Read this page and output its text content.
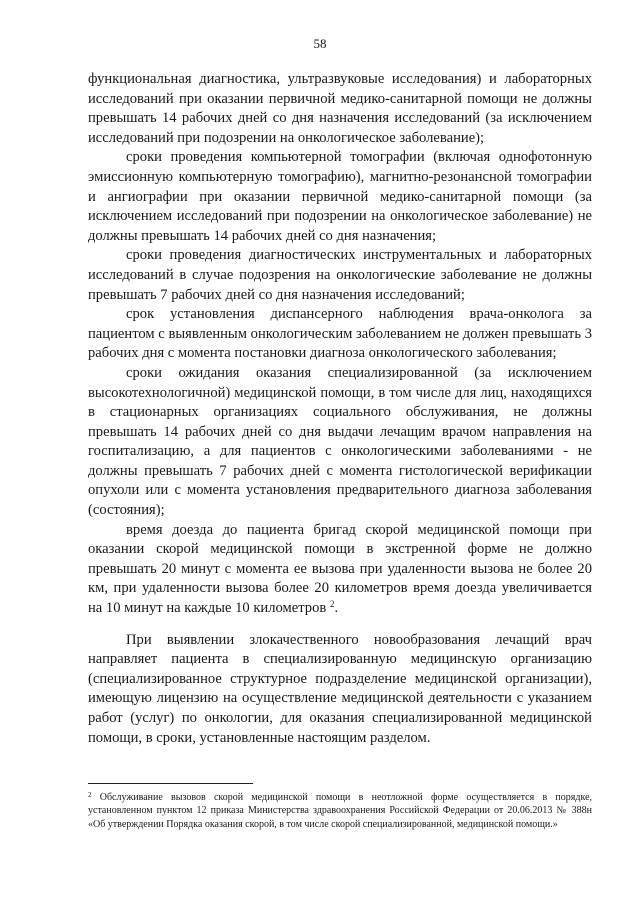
58

функциональная диагностика, ультразвуковые исследования) и лабораторных исследований при оказании первичной медико-санитарной помощи не должны превышать 14 рабочих дней со дня назначения исследований (за исключением исследований при подозрении на онкологическое заболевание);

сроки проведения компьютерной томографии (включая однофотонную эмиссионную компьютерную томографию), магнитно-резонансной томографии и ангиографии при оказании первичной медико-санитарной помощи (за исключением исследований при подозрении на онкологическое заболевание) не должны превышать 14 рабочих дней со дня назначения;

сроки проведения диагностических инструментальных и лабораторных исследований в случае подозрения на онкологические заболевание не должны превышать 7 рабочих дней со дня назначения исследований;

срок установления диспансерного наблюдения врача-онколога за пациентом с выявленным онкологическим заболеванием не должен превышать 3 рабочих дня с момента постановки диагноза онкологического заболевания;

сроки ожидания оказания специализированной (за исключением высокотехнологичной) медицинской помощи, в том числе для лиц, находящихся в стационарных организациях социального обслуживания, не должны превышать 14 рабочих дней со дня выдачи лечащим врачом направления на госпитализацию, а для пациентов с онкологическими заболеваниями - не должны превышать 7 рабочих дней с момента гистологической верификации опухоли или с момента установления предварительного диагноза заболевания (состояния);

время доезда до пациента бригад скорой медицинской помощи при оказании скорой медицинской помощи в экстренной форме не должно превышать 20 минут с момента ее вызова при удаленности вызова не более 20 км, при удаленности вызова более 20 километров время доезда увеличивается на 10 минут на каждые 10 километров $^2$.

При выявлении злокачественного новообразования лечащий врач направляет пациента в специализированную медицинскую организацию (специализированное структурное подразделение медицинской организации), имеющую лицензию на осуществление медицинской деятельности с указанием работ (услуг) по онкологии, для оказания специализированной медицинской помощи, в сроки, установленные настоящим разделом.

$^2$ Обслуживание вызовов скорой медицинской помощи в неотложной форме осуществляется в порядке, установленном пунктом 12 приказа Министерства здравоохранения Российской Федерации от 20.06.2013 № 388н «Об утверждении Порядка оказания скорой, в том числе скорой специализированной, медицинской помощи.»
